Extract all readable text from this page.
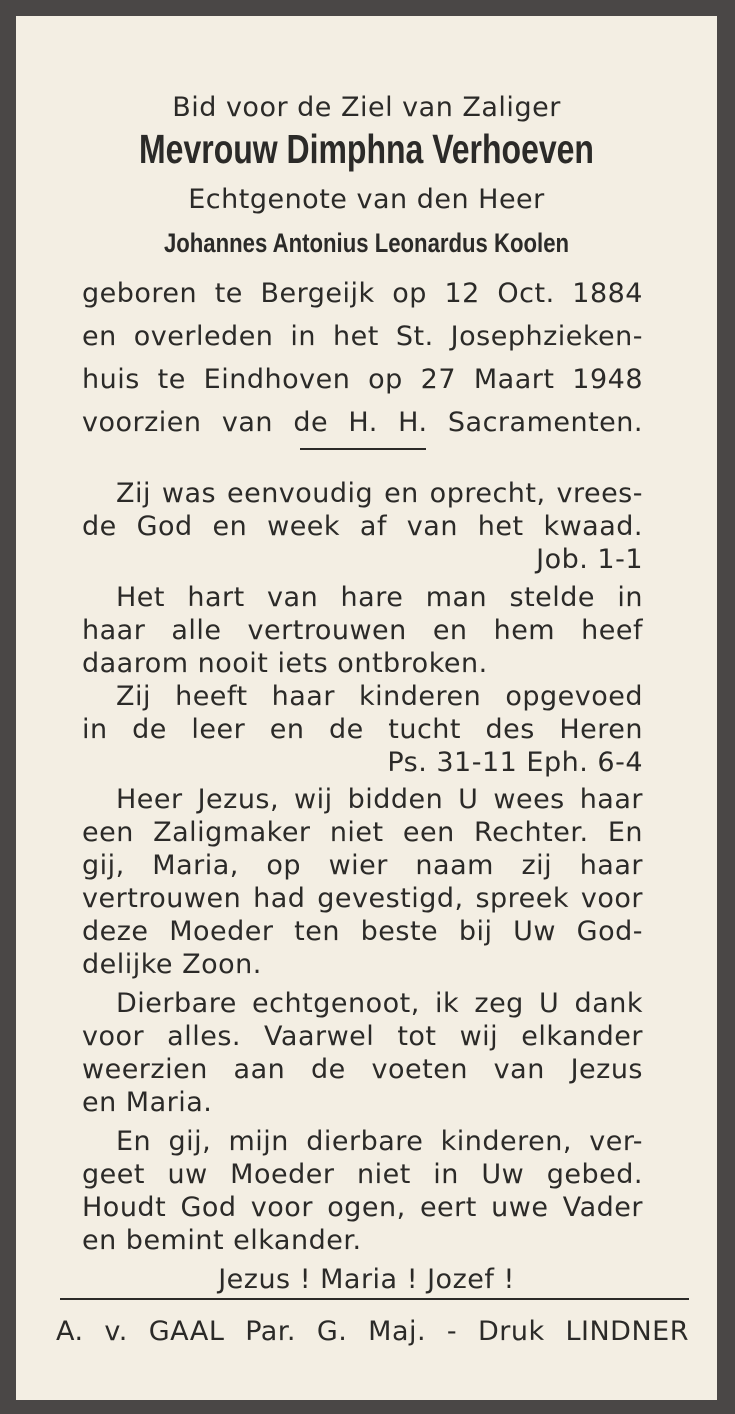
Bid voor de Ziel van Zaliger
Mevrouw Dimphna Verhoeven
Echtgenote van den Heer
Johannes Antonius Leonardus Koolen
geboren te Bergeijk op 12 Oct. 1884
en overleden in het St. Josephzieken-
huis te Eindhoven op 27 Maart 1948
voorzien van de H. H. Sacramenten.
Zij was eenvoudig en oprecht, vrees-
de God en week af van het kwaad.
Job. 1-1
Het hart van hare man stelde in
haar alle vertrouwen en hem heef
daarom nooit iets ontbroken.
Zij heeft haar kinderen opgevoed
in de leer en de tucht des Heren
Ps. 31-11 Eph. 6-4
Heer Jezus, wij bidden U wees haar
een Zaligmaker niet een Rechter. En
gij, Maria, op wier naam zij haar
vertrouwen had gevestigd, spreek voor
deze Moeder ten beste bij Uw God-
delijke Zoon.
Dierbare echtgenoot, ik zeg U dank
voor alles. Vaarwel tot wij elkander
weerzien aan de voeten van Jezus
en Maria.
En gij, mijn dierbare kinderen, ver-
geet uw Moeder niet in Uw gebed.
Houdt God voor ogen, eert uwe Vader
en bemint elkander.
Jezus ! Maria ! Jozef !
A. v. GAAL Par. G. Maj. - Druk LINDNER
